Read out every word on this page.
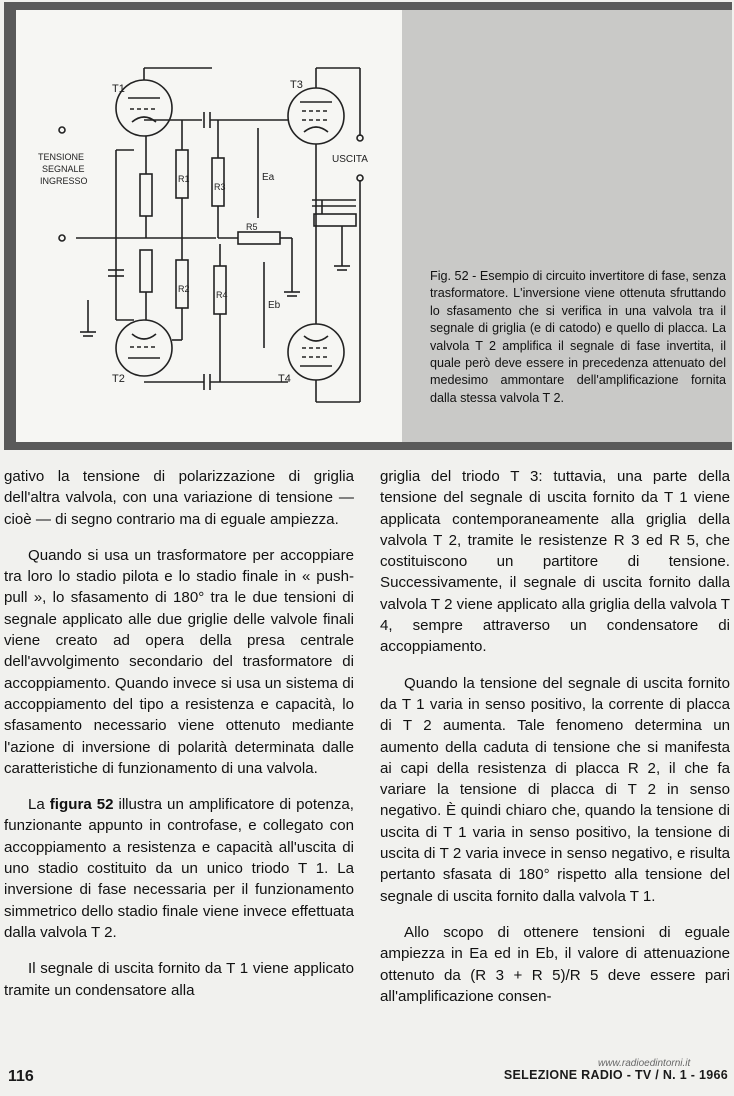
T1
T2
T3
T4
R1
R2
R3
R4
R5
Ea
Eb
TENSIONE
SEGNALE
INGRESSO
USCITA

Fig. 52 - Esempio di circuito invertitore di fase, senza trasformatore. L'inversione viene ottenuta sfruttando lo sfasamento che si verifica in una valvola tra il segnale di griglia (e di catodo) e quello di placca. La valvola T 2 amplifica il segnale di fase invertita, il quale però deve essere in precedenza attenuato del medesimo ammontare dell'amplificazione fornita dalla stessa valvola T 2.

gativo la tensione di polarizzazione di griglia dell'altra valvola, con una variazione di tensione — cioè — di segno contrario ma di eguale ampiezza.

Quando si usa un trasformatore per accoppiare tra loro lo stadio pilota e lo stadio finale in « push-pull », lo sfasamento di 180° tra le due tensioni di segnale applicato alle due griglie delle valvole finali viene creato ad opera della presa centrale dell'avvolgimento secondario del trasformatore di accoppiamento. Quando invece si usa un sistema di accoppiamento del tipo a resistenza e capacità, lo sfasamento necessario viene ottenuto mediante l'azione di inversione di polarità determinata dalle caratteristiche di funzionamento di una valvola.

La figura 52 illustra un amplificatore di potenza, funzionante appunto in controfase, e collegato con accoppiamento a resistenza e capacità all'uscita di uno stadio costituito da un unico triodo T 1. La inversione di fase necessaria per il funzionamento simmetrico dello stadio finale viene invece effettuata dalla valvola T 2.

Il segnale di uscita fornito da T 1 viene applicato tramite un condensatore alla

griglia del triodo T 3: tuttavia, una parte della tensione del segnale di uscita fornito da T 1 viene applicata contemporaneamente alla griglia della valvola T 2, tramite le resistenze R 3 ed R 5, che costituiscono un partitore di tensione. Successivamente, il segnale di uscita fornito dalla valvola T 2 viene applicato alla griglia della valvola T 4, sempre attraverso un condensatore di accoppiamento.

Quando la tensione del segnale di uscita fornito da T 1 varia in senso positivo, la corrente di placca di T 2 aumenta. Tale fenomeno determina un aumento della caduta di tensione che si manifesta ai capi della resistenza di placca R 2, il che fa variare la tensione di placca di T 2 in senso negativo. È quindi chiaro che, quando la tensione di uscita di T 1 varia in senso positivo, la tensione di uscita di T 2 varia invece in senso negativo, e risulta pertanto sfasata di 180° rispetto alla tensione del segnale di uscita fornito dalla valvola T 1.

Allo scopo di ottenere tensioni di eguale ampiezza in Ea ed in Eb, il valore di attenuazione ottenuto da (R 3 + R 5)/R 5 deve essere pari all'amplificazione consen-

116
www.radioedintorni.it
SELEZIONE RADIO - TV / N. 1 - 1966
